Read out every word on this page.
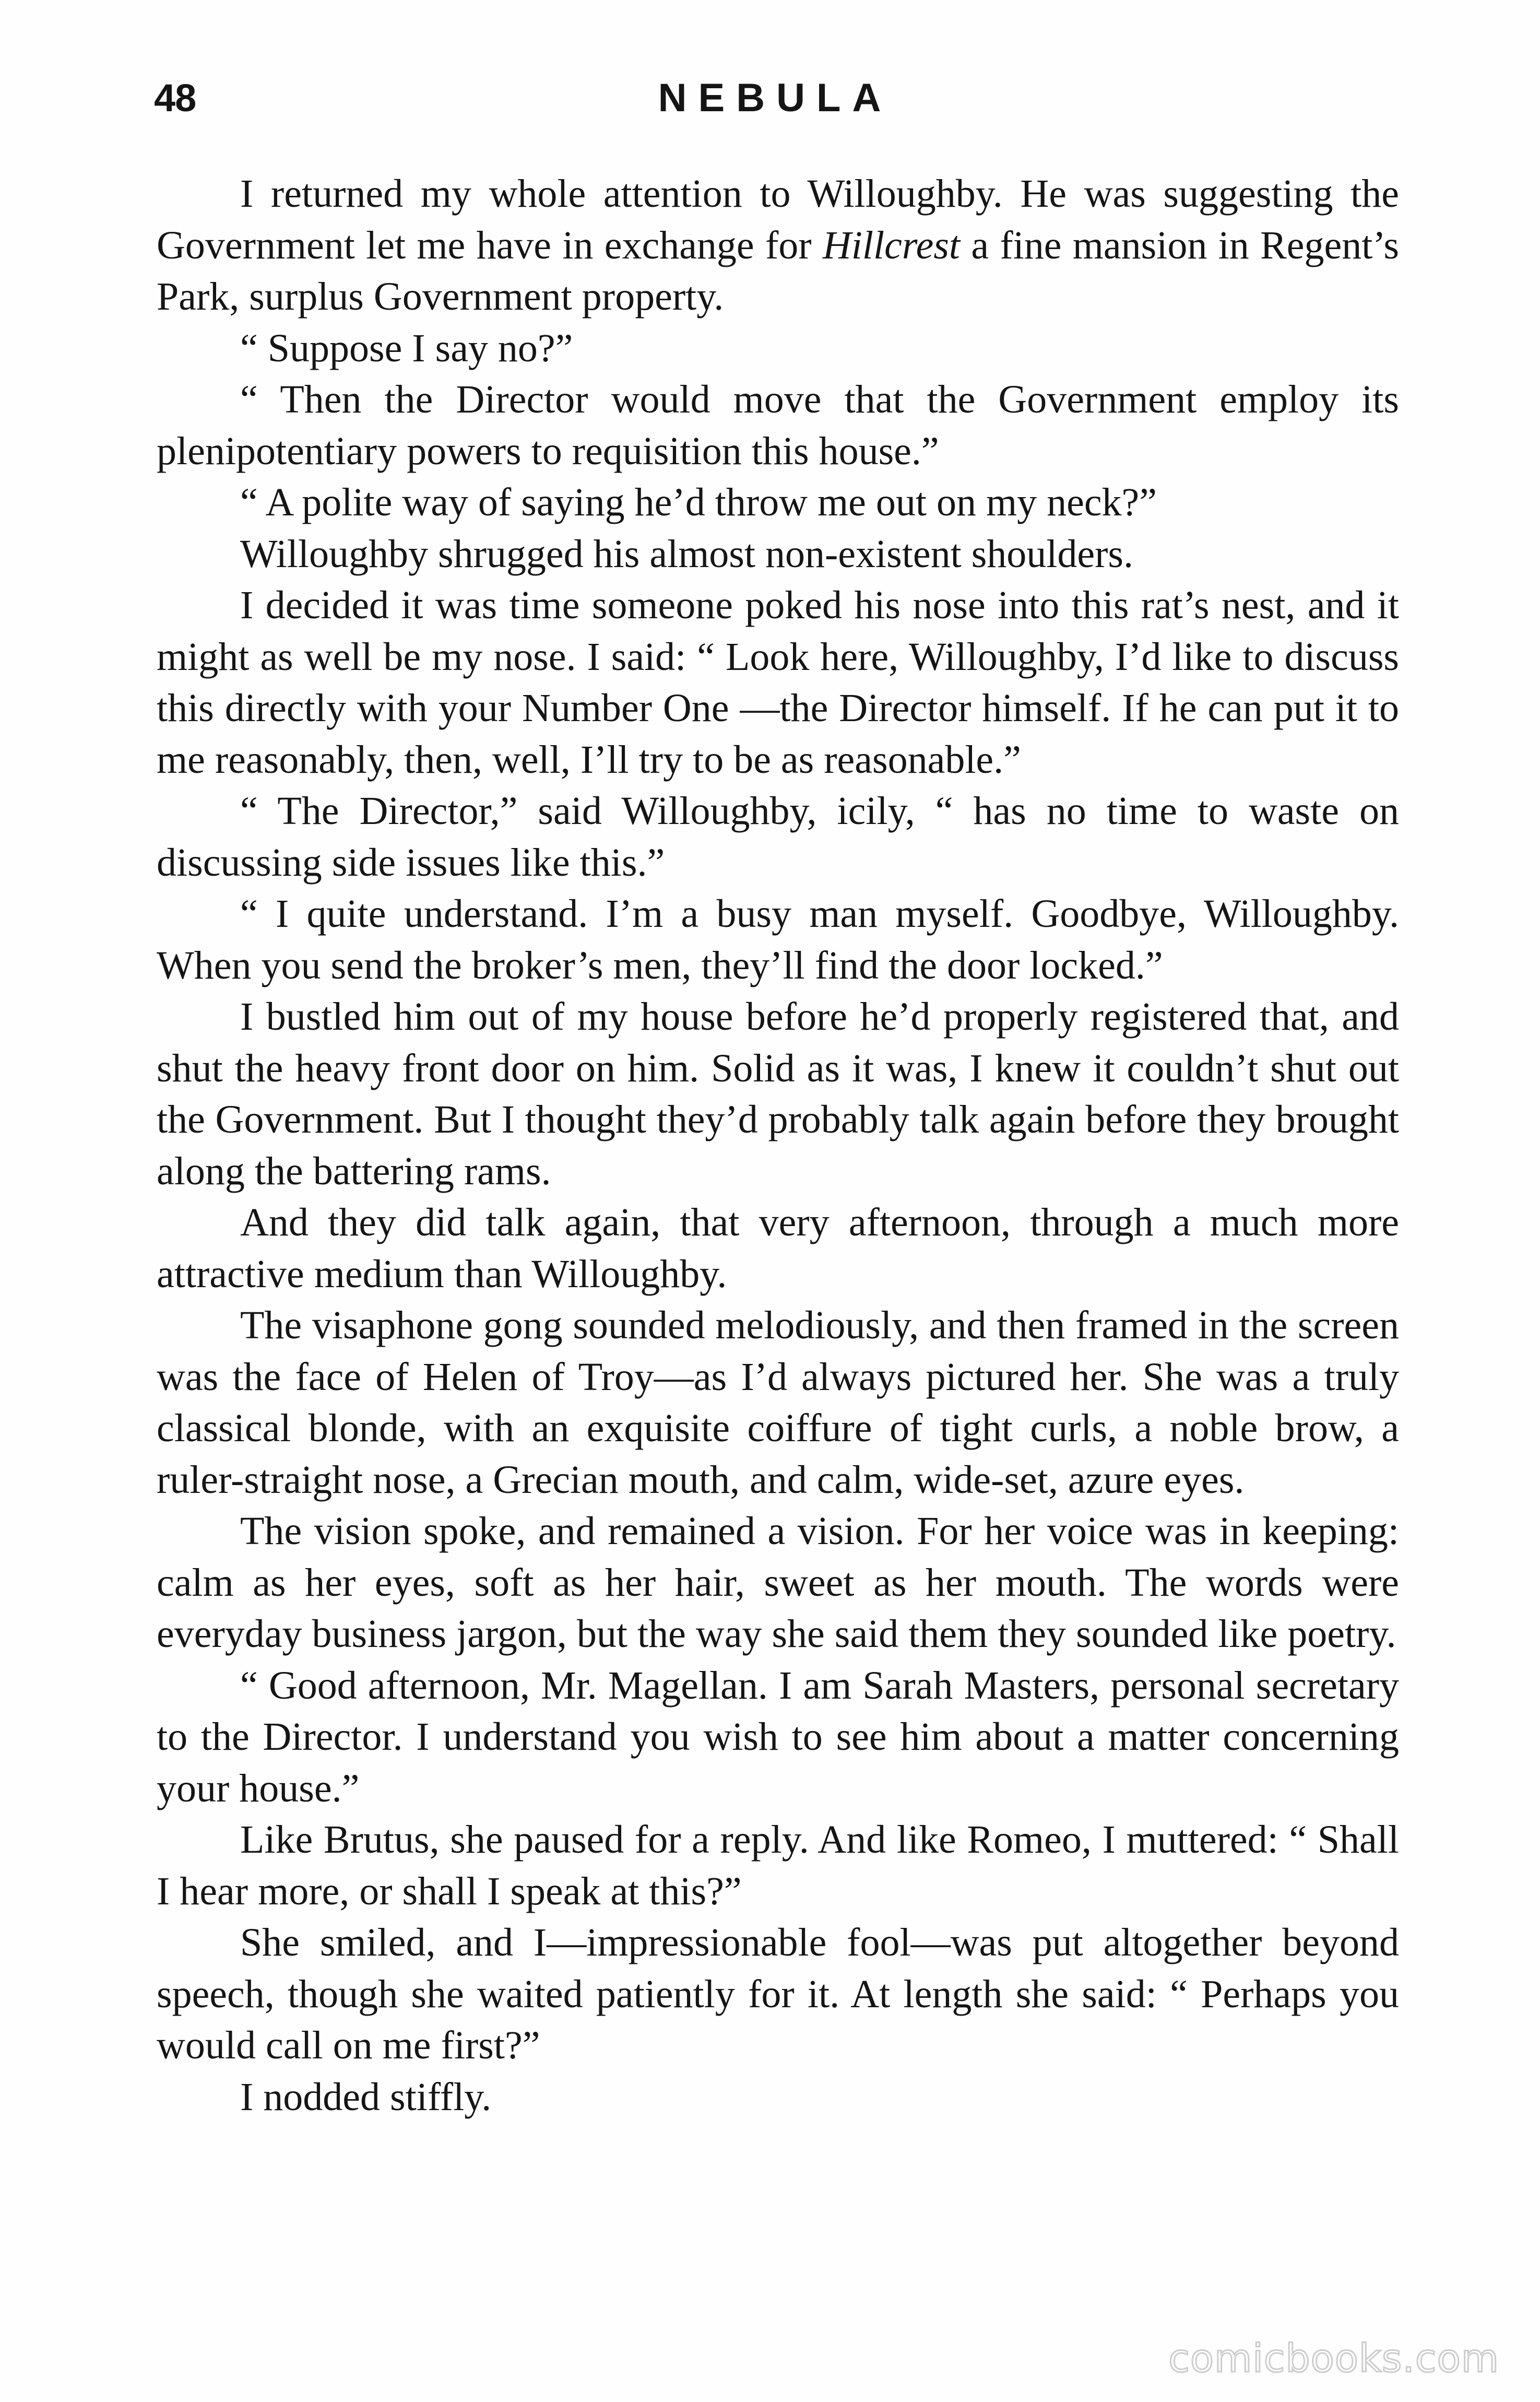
48	NEBULA

I returned my whole attention to Willoughby. He was suggesting the Government let me have in exchange for Hillcrest a fine mansion in Regent’s Park, surplus Government property.

“ Suppose I say no?”

“ Then the Director would move that the Government employ its plenipotentiary powers to requisition this house.”

“ A polite way of saying he’d throw me out on my neck?”

Willoughby shrugged his almost non-existent shoulders.

I decided it was time someone poked his nose into this rat’s nest, and it might as well be my nose. I said: “ Look here, Willoughby, I’d like to discuss this directly with your Number One —the Director himself. If he can put it to me reasonably, then, well, I’ll try to be as reasonable.”

“ The Director,” said Willoughby, icily, “ has no time to waste on discussing side issues like this.”

“ I quite understand. I’m a busy man myself. Goodbye, Willoughby. When you send the broker’s men, they’ll find the door locked.”

I bustled him out of my house before he’d properly registered that, and shut the heavy front door on him. Solid as it was, I knew it couldn’t shut out the Government. But I thought they’d probably talk again before they brought along the battering rams.

And they did talk again, that very afternoon, through a much more attractive medium than Willoughby.

The visaphone gong sounded melodiously, and then framed in the screen was the face of Helen of Troy—as I’d always pictured her. She was a truly classical blonde, with an exquisite coiffure of tight curls, a noble brow, a ruler-straight nose, a Grecian mouth, and calm, wide-set, azure eyes.

The vision spoke, and remained a vision. For her voice was in keeping: calm as her eyes, soft as her hair, sweet as her mouth. The words were everyday business jargon, but the way she said them they sounded like poetry.

“ Good afternoon, Mr. Magellan. I am Sarah Masters, personal secretary to the Director. I understand you wish to see him about a matter concerning your house.”

Like Brutus, she paused for a reply. And like Romeo, I muttered: “ Shall I hear more, or shall I speak at this?”

She smiled, and I—impressionable fool—was put altogether beyond speech, though she waited patiently for it. At length she said: “ Perhaps you would call on me first?”

I nodded stiffly.

comicbooks.com
